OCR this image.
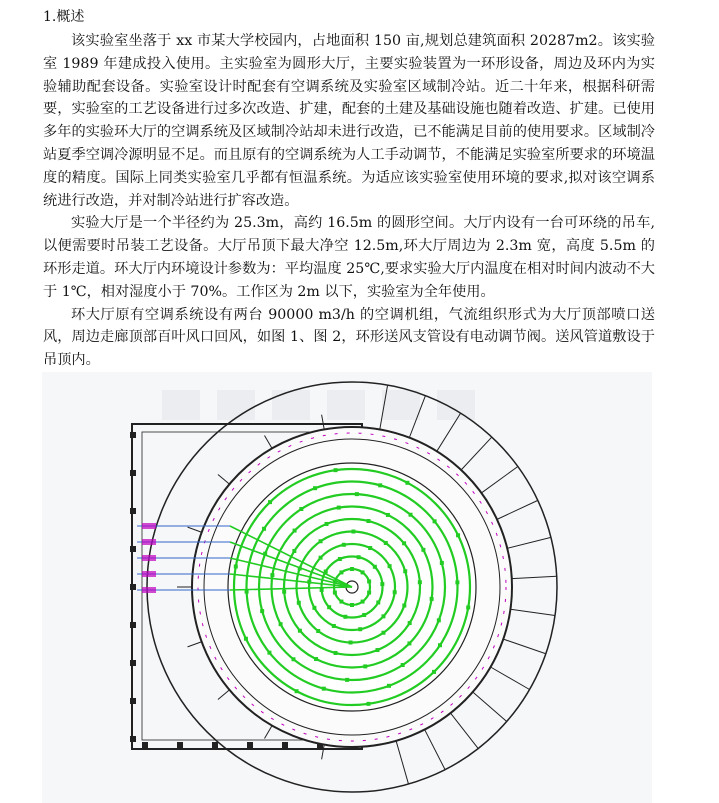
1.概述

该实验室坐落于 xx 市某大学校园内，占地面积 150 亩,规划总建筑面积 20287m2。该实验室 1989 年建成投入使用。主实验室为圆形大厅，主要实验装置为一环形设备，周边及环内为实验辅助配套设备。实验室设计时配套有空调系统及实验室区域制冷站。近二十年来，根据科研需要，实验室的工艺设备进行过多次改造、扩建，配套的土建及基础设施也随着改造、扩建。已使用多年的实验环大厅的空调系统及区域制冷站却未进行改造，已不能满足目前的使用要求。区域制冷站夏季空调冷源明显不足。而且原有的空调系统为人工手动调节，不能满足实验室所要求的环境温度的精度。国际上同类实验室几乎都有恒温系统。为适应该实验室使用环境的要求,拟对该空调系统进行改造，并对制冷站进行扩容改造。

实验大厅是一个半径约为 25.3m，高约 16.5m 的圆形空间。大厅内设有一台可环绕的吊车,以便需要时吊装工艺设备。大厅吊顶下最大净空 12.5m,环大厅周边为 2.3m 宽，高度 5.5m 的环形走道。环大厅内环境设计参数为：平均温度 25℃,要求实验大厅内温度在相对时间内波动不大于 1℃，相对湿度小于 70%。工作区为 2m 以下，实验室为全年使用。

环大厅原有空调系统设有两台 90000 m3/h 的空调机组，气流组织形式为大厅顶部喷口送风，周边走廊顶部百叶风口回风，如图 1、图 2，环形送风支管设有电动调节阀。送风管道敷设于吊顶内。
